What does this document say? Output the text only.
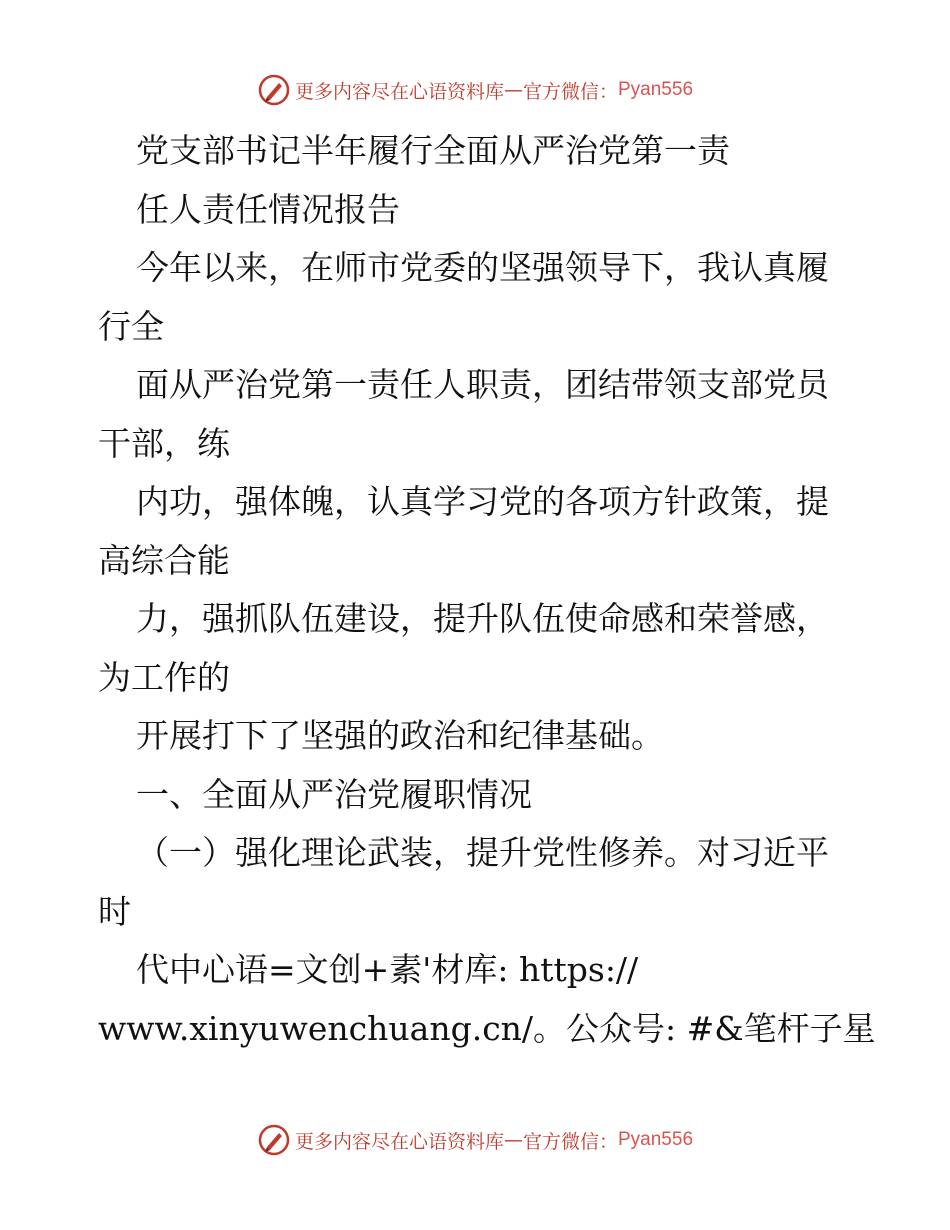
更多内容尽在心语资料库 — 官方微信： Pyan556

党支部书记半年履行全面从严治党第一责

任人责任情况报告

今年以来，在师市党委的坚强领导下，我认真履

行全

面从严治党第一责任人职责，团结带领支部党员

干部，练

内功，强体魄，认真学习党的各项方针政策，提

高综合能

力，强抓队伍建设，提升队伍使命感和荣誉感，

为工作的

开展打下了坚强的政治和纪律基础。

一、全面从严治党履职情况

（一）强化理论武装，提升党性修养。对习近平

时

代中心语=文创+素'材库: https://

www.xinyuwenchuang.cn/。公众号: #&笔杆子星

更多内容尽在心语资料库 — 官方微信： Pyan556
